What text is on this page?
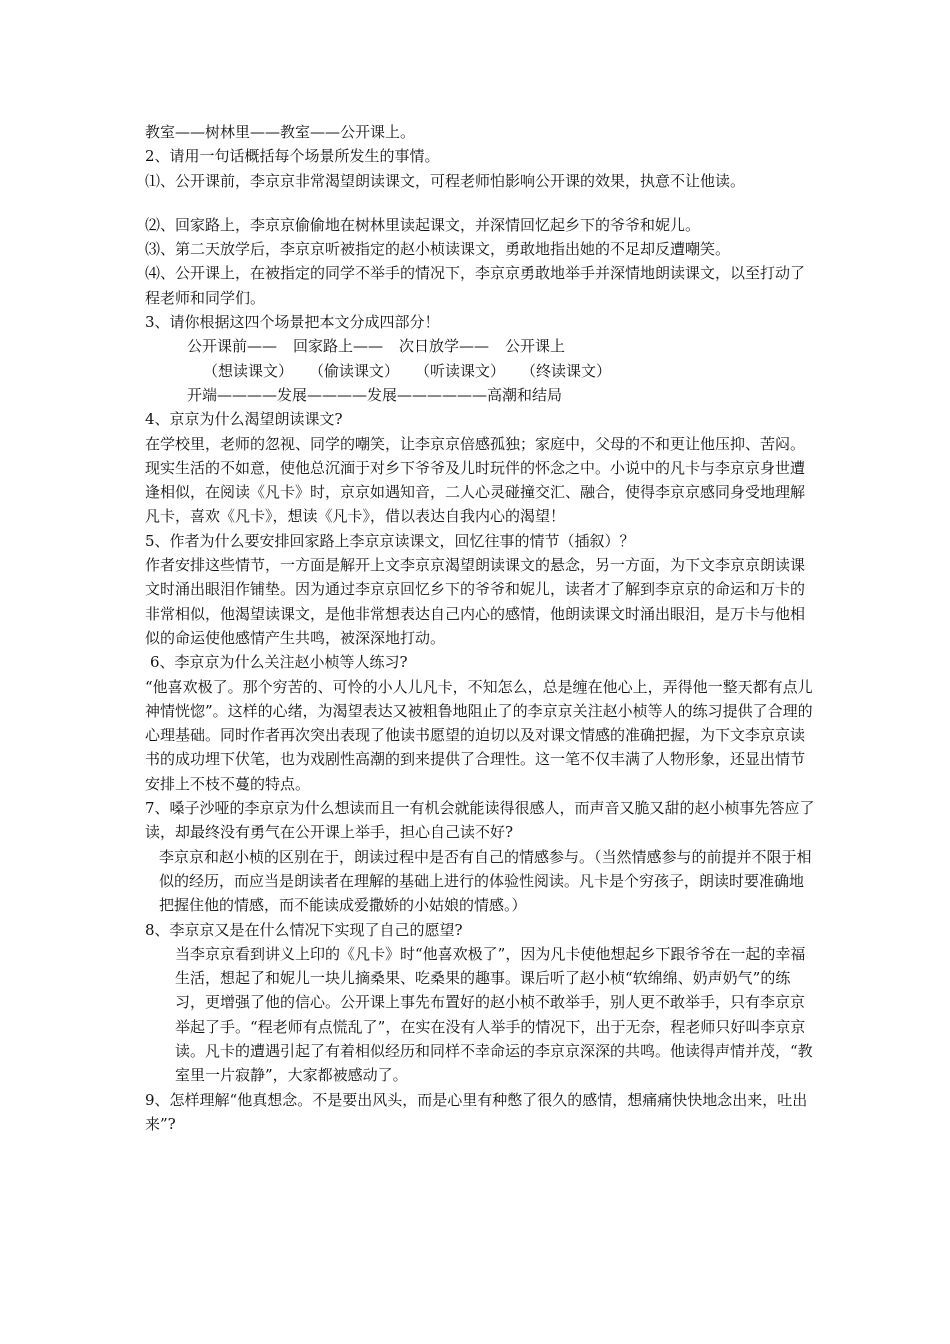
教室——树林里——教室——公开课上。

2、请用一句话概括每个场景所发生的事情。

⑴、公开课前，李京京非常渴望朗读课文，可程老师怕影响公开课的效果，执意不让他读。

⑵、回家路上，李京京偷偷地在树林里读起课文，并深情回忆起乡下的爷爷和妮儿。

⑶、第二天放学后，李京京听被指定的赵小桢读课文，勇敢地指出她的不足却反遭嘲笑。

⑷、公开课上，在被指定的同学不举手的情况下，李京京勇敢地举手并深情地朗读课文，以至打动了程老师和同学们。

3、请你根据这四个场景把本文分成四部分！

公开课前—— 回家路上—— 次日放学—— 公开课上

（想读课文） （偷读课文） （听读课文） （终读课文）

开端————发展————发展——————高潮和结局

4、京京为什么渴望朗读课文?

在学校里，老师的忽视、同学的嘲笑，让李京京倍感孤独；家庭中，父母的不和更让他压抑、苦闷。现实生活的不如意，使他总沉湎于对乡下爷爷及儿时玩伴的怀念之中。小说中的凡卡与李京京身世遭逢相似，在阅读《凡卡》时，京京如遇知音，二人心灵碰撞交汇、融合，使得李京京感同身受地理解凡卡，喜欢《凡卡》，想读《凡卡》，借以表达自我内心的渴望！

5、作者为什么要安排回家路上李京京读课文，回忆往事的情节（插叙）？

作者安排这些情节，一方面是解开上文李京京渴望朗读课文的悬念，另一方面，为下文李京京朗读课文时涌出眼泪作铺垫。因为通过李京京回忆乡下的爷爷和妮儿，读者才了解到李京京的命运和万卡的非常相似，他渴望读课文，是他非常想表达自己内心的感情，他朗读课文时涌出眼泪，是万卡与他相似的命运使他感情产生共鸣，被深深地打动。

6、李京京为什么关注赵小桢等人练习?

“他喜欢极了。那个穷苦的、可怜的小人儿凡卡，不知怎么，总是缠在他心上，弄得他一整天都有点儿神情恍惚”。这样的心绪，为渴望表达又被粗鲁地阻止了的李京京关注赵小桢等人的练习提供了合理的心理基础。同时作者再次突出表现了他读书愿望的迫切以及对课文情感的准确把握，为下文李京京读书的成功埋下伏笔，也为戏剧性高潮的到来提供了合理性。这一笔不仅丰满了人物形象，还显出情节安排上不枝不蔓的特点。

7、嗓子沙哑的李京京为什么想读而且一有机会就能读得很感人，而声音又脆又甜的赵小桢事先答应了读，却最终没有勇气在公开课上举手，担心自己读不好?

李京京和赵小桢的区别在于，朗读过程中是否有自己的情感参与。（当然情感参与的前提并不限于相似的经历，而应当是朗读者在理解的基础上进行的体验性阅读。凡卡是个穷孩子，朗读时要准确地把握住他的情感，而不能读成爱撒娇的小姑娘的情感。）

8、李京京又是在什么情况下实现了自己的愿望?

当李京京看到讲义上印的《凡卡》时“他喜欢极了”，因为凡卡使他想起乡下跟爷爷在一起的幸福生活，想起了和妮儿一块儿摘桑果、吃桑果的趣事。课后听了赵小桢“软绵绵、奶声奶气”的练习，更增强了他的信心。公开课上事先布置好的赵小桢不敢举手，别人更不敢举手，只有李京京举起了手。“程老师有点慌乱了”，在实在没有人举手的情况下，出于无奈，程老师只好叫李京京读。凡卡的遭遇引起了有着相似经历和同样不幸命运的李京京深深的共鸣。他读得声情并茂，“教室里一片寂静”，大家都被感动了。

9、怎样理解“他真想念。不是要出风头，而是心里有种憋了很久的感情，想痛痛快快地念出来，吐出来”?
